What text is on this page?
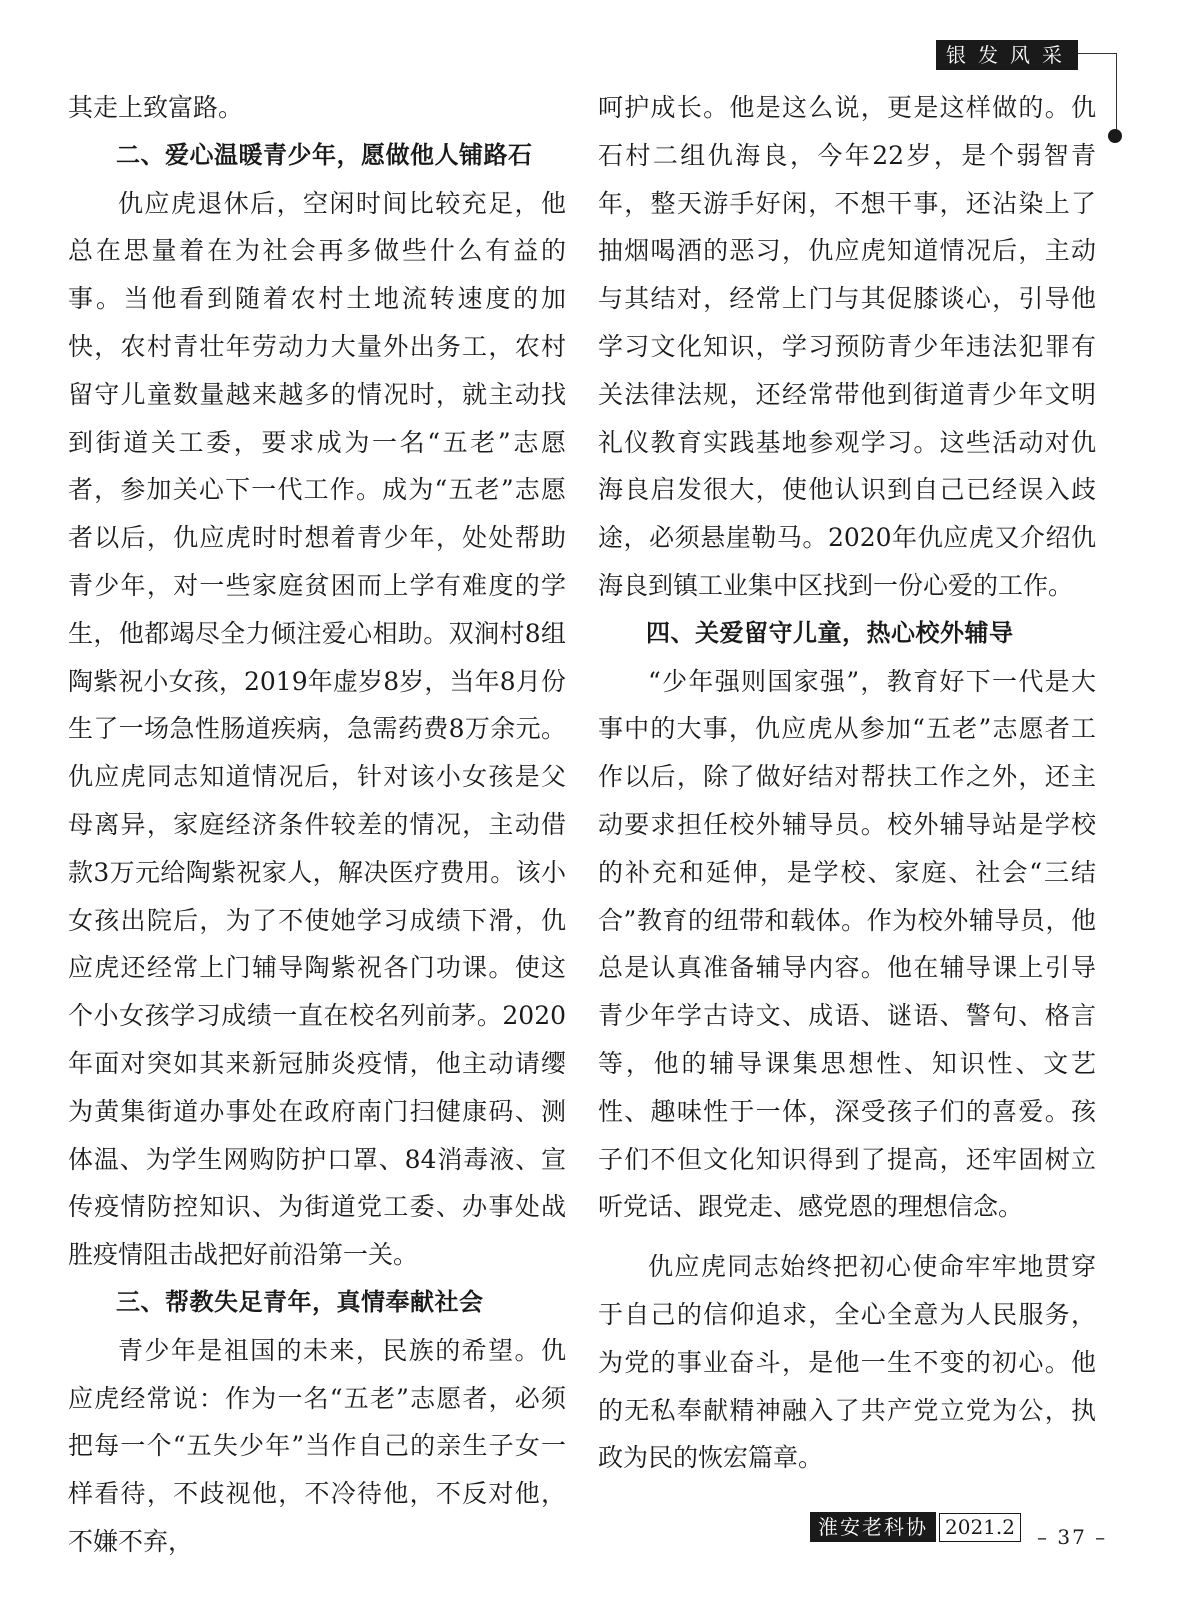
银发风采

其走上致富路。

二、爱心温暖青少年，愿做他人铺路石

仇应虎退休后，空闲时间比较充足，他总在思量着在为社会再多做些什么有益的事。当他看到随着农村土地流转速度的加快，农村青壮年劳动力大量外出务工，农村留守儿童数量越来越多的情况时，就主动找到街道关工委，要求成为一名“五老”志愿者，参加关心下一代工作。成为“五老”志愿者以后，仇应虎时时想着青少年，处处帮助青少年，对一些家庭贫困而上学有难度的学生，他都竭尽全力倾注爱心相助。双涧村8组陶紫祝小女孩，2019年虚岁8岁，当年8月份生了一场急性肠道疾病，急需药费8万余元。仇应虎同志知道情况后，针对该小女孩是父母离异，家庭经济条件较差的情况，主动借款3万元给陶紫祝家人，解决医疗费用。该小女孩出院后，为了不使她学习成绩下滑，仇应虎还经常上门辅导陶紫祝各门功课。使这个小女孩学习成绩一直在校名列前茅。2020年面对突如其来新冠肺炎疫情，他主动请缨为黄集街道办事处在政府南门扫健康码、测体温、为学生网购防护口罩、84消毒液、宣传疫情防控知识、为街道党工委、办事处战胜疫情阻击战把好前沿第一关。

三、帮教失足青年，真情奉献社会

青少年是祖国的未来，民族的希望。仇应虎经常说：作为一名“五老”志愿者，必须把每一个“五失少年”当作自己的亲生子女一样看待，不歧视他，不冷待他，不反对他，不嫌不弃，

呵护成长。他是这么说，更是这样做的。仇石村二组仇海良，今年22岁，是个弱智青年，整天游手好闲，不想干事，还沾染上了抽烟喝酒的恶习，仇应虎知道情况后，主动与其结对，经常上门与其促膝谈心，引导他学习文化知识，学习预防青少年违法犯罪有关法律法规，还经常带他到街道青少年文明礼仪教育实践基地参观学习。这些活动对仇海良启发很大，使他认识到自己已经误入歧途，必须悬崖勒马。2020年仇应虎又介绍仇海良到镇工业集中区找到一份心爱的工作。

四、关爱留守儿童，热心校外辅导

“少年强则国家强”，教育好下一代是大事中的大事，仇应虎从参加“五老”志愿者工作以后，除了做好结对帮扶工作之外，还主动要求担任校外辅导员。校外辅导站是学校的补充和延伸，是学校、家庭、社会“三结合”教育的纽带和载体。作为校外辅导员，他总是认真准备辅导内容。他在辅导课上引导青少年学古诗文、成语、谜语、警句、格言等，他的辅导课集思想性、知识性、文艺性、趣味性于一体，深受孩子们的喜爱。孩子们不但文化知识得到了提高，还牢固树立听党话、跟党走、感党恩的理想信念。

仇应虎同志始终把初心使命牢牢地贯穿于自己的信仰追求，全心全意为人民服务，为党的事业奋斗，是他一生不变的初心。他的无私奉献精神融入了共产党立党为公，执政为民的恢宏篇章。

淮安老科协 2021.2	– 37 –
